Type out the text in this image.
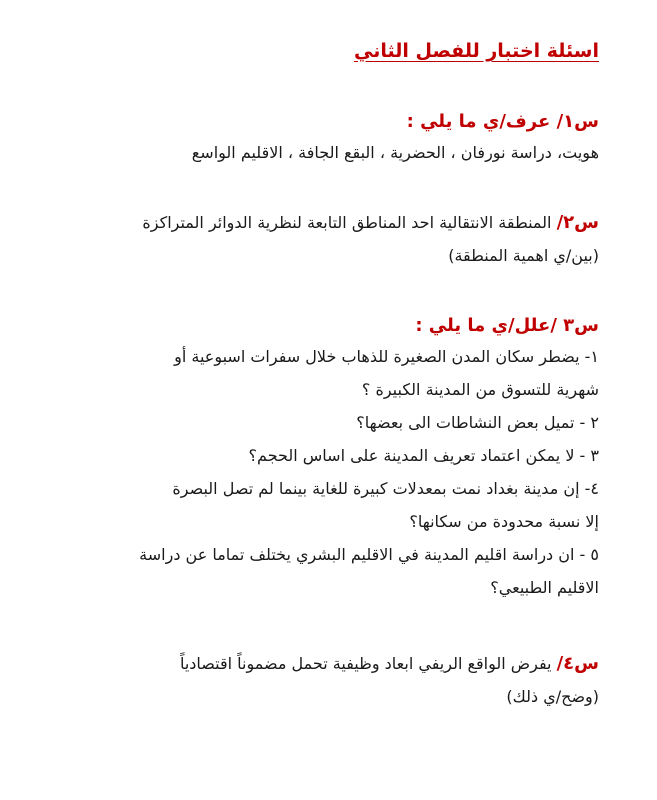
اسئلة اختبار للفصل الثاني
س١/ عرف/ي ما يلي :
هويت، دراسة نورفان ، الحضرية ، البقع الجافة ، الاقليم الواسع
س٢/ المنطقة الانتقالية احد المناطق التابعة لنظرية الدوائر المتراكزة
(بين/ي اهمية المنطقة)
س٣ /علل/ي ما يلي :
١- يضطر سكان المدن الصغيرة للذهاب خلال سفرات اسبوعية أو
شهرية للتسوق من المدينة الكبيرة ؟
٢ - تميل بعض النشاطات الى بعضها؟
٣ - لا يمكن اعتماد تعريف المدينة على اساس الحجم؟
٤- إن مدينة بغداد نمت بمعدلات كبيرة للغاية بينما لم تصل البصرة
إلا نسبة محدودة من سكانها؟
٥ - ان دراسة اقليم المدينة في الاقليم البشري يختلف تماما عن دراسة
الاقليم الطبيعي؟
س٤/ يفرض الواقع الريفي ابعاد وظيفية تحمل مضموناً اقتصادياً
(وضح/ي ذلك)
